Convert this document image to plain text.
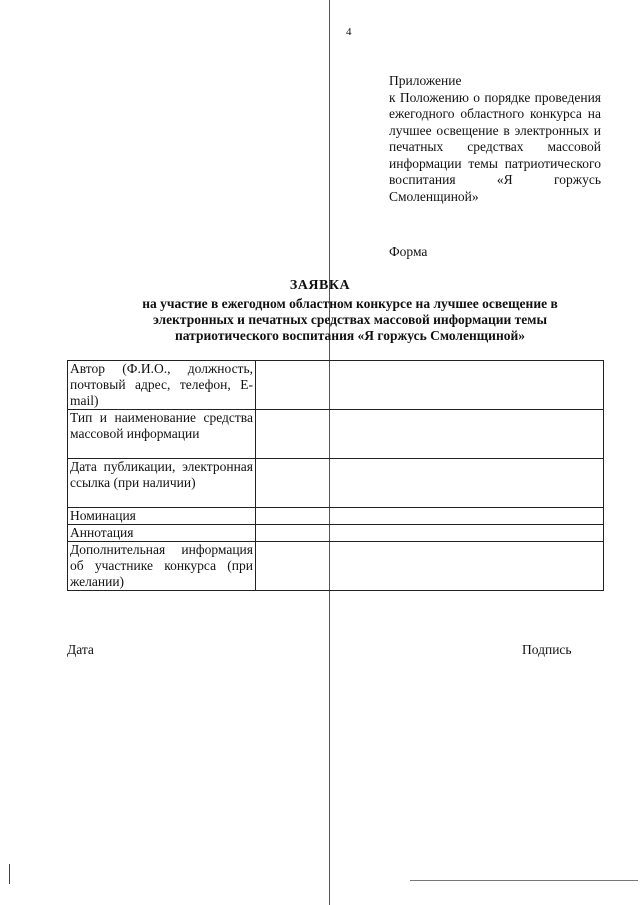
4
Приложение
к Положению о порядке проведения ежегодного областного конкурса на лучшее освещение в электронных и печатных средствах массовой информации темы патриотического воспитания «Я горжусь Смоленщиной»
Форма
ЗАЯВКА
на участие в ежегодном областном конкурсе на лучшее освещение в
электронных и печатных средствах массовой информации темы
патриотического воспитания «Я горжусь Смоленщиной»
Автор (Ф.И.О., должность, почтовый адрес, телефон, E-mail)	
Тип и наименование средства массовой информации	
Дата публикации, электронная ссылка (при наличии)	
Номинация	
Аннотация	
Дополнительная информация об участнике конкурса (при желании)	
Дата	Подпись
